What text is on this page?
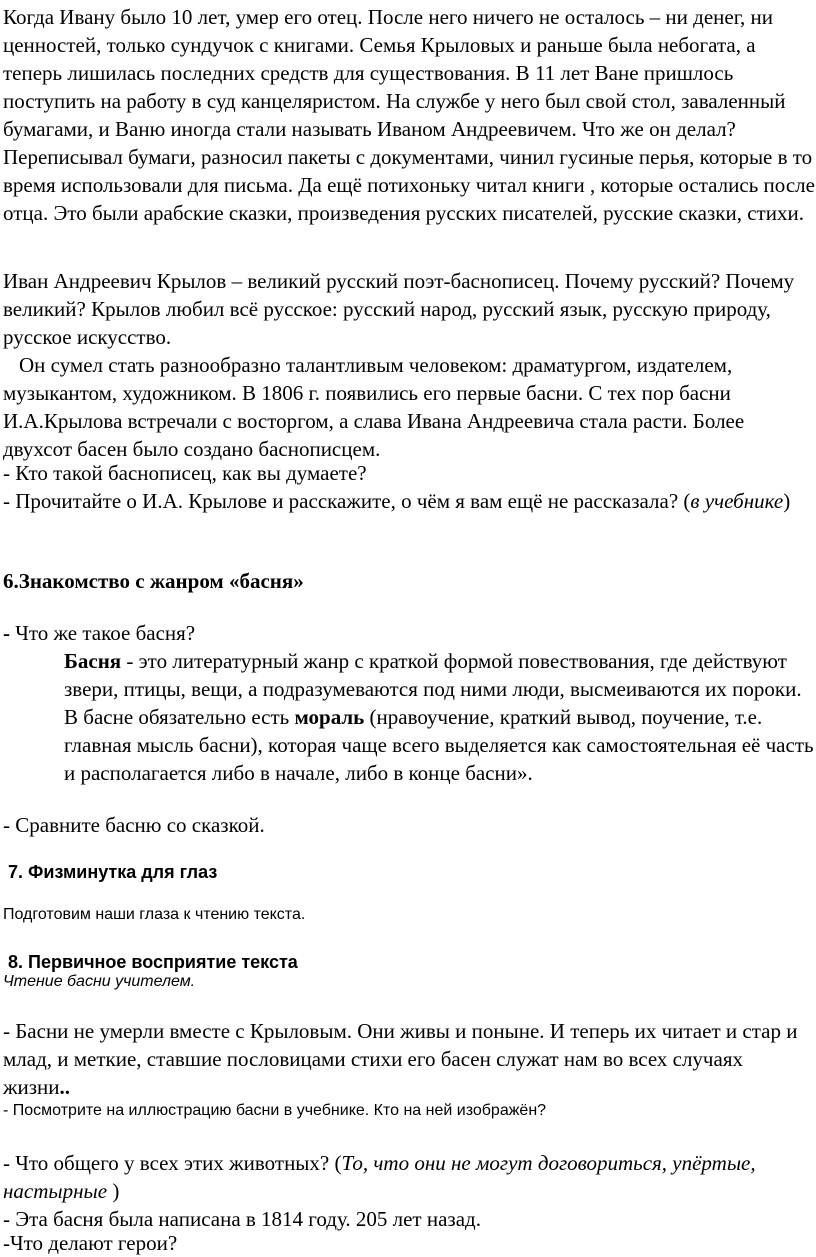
Когда Ивану было 10 лет, умер его отец. После него ничего не осталось – ни денег, ни ценностей, только сундучок с книгами. Семья Крыловых и раньше была небогата, а теперь лишилась последних средств для существования. В 11 лет Ване пришлось поступить на работу в суд канцеляристом. На службе у него был свой стол, заваленный бумагами, и Ваню иногда стали называть Иваном Андреевичем. Что же он делал? Переписывал бумаги, разносил пакеты с документами, чинил гусиные перья, которые в то время использовали для письма. Да ещё потихоньку читал книги , которые остались после отца. Это были арабские сказки, произведения русских писателей, русские сказки, стихи.

Иван Андреевич Крылов – великий русский поэт-баснописец. Почему русский? Почему великий? Крылов любил всё русское: русский народ, русский язык, русскую природу, русское искусство.

Он сумел стать разнообразно талантливым человеком: драматургом, издателем, музыкантом, художником. В 1806 г. появились его первые басни. С тех пор басни И.А.Крылова встречали с восторгом, а слава Ивана Андреевича стала расти. Более двухсот басен было создано баснописцем.

- Кто такой баснописец, как вы думаете?

- Прочитайте о И.А. Крылове и расскажите, о чём я вам ещё не рассказала? (в учебнике)

6.Знакомство с жанром «басня»

- Что же такое басня?

Басня - это литературный жанр с краткой формой повествования, где действуют звери, птицы, вещи, а подразумеваются под ними люди, высмеиваются их пороки. В басне обязательно есть мораль (нравоучение, краткий вывод, поучение, т.е. главная мысль басни), которая чаще всего выделяется как самостоятельная её часть и располагается либо в начале, либо в конце басни».

- Сравните басню со сказкой.

7. Физминутка для глаз

Подготовим наши глаза к чтению текста.

8. Первичное восприятие текста

Чтение басни учителем.

- Басни не умерли вместе с Крыловым. Они живы и поныне. И теперь их читает и стар и млад, и меткие, ставшие пословицами стихи его басен служат нам во всех случаях жизни..

- Посмотрите на иллюстрацию басни в учебнике. Кто на ней изображён?

- Что общего у всех этих животных? (То, что они не могут договориться, упёртые, настырные )

- Эта басня была написана в 1814 году. 205 лет назад.

-Что делают герои?
